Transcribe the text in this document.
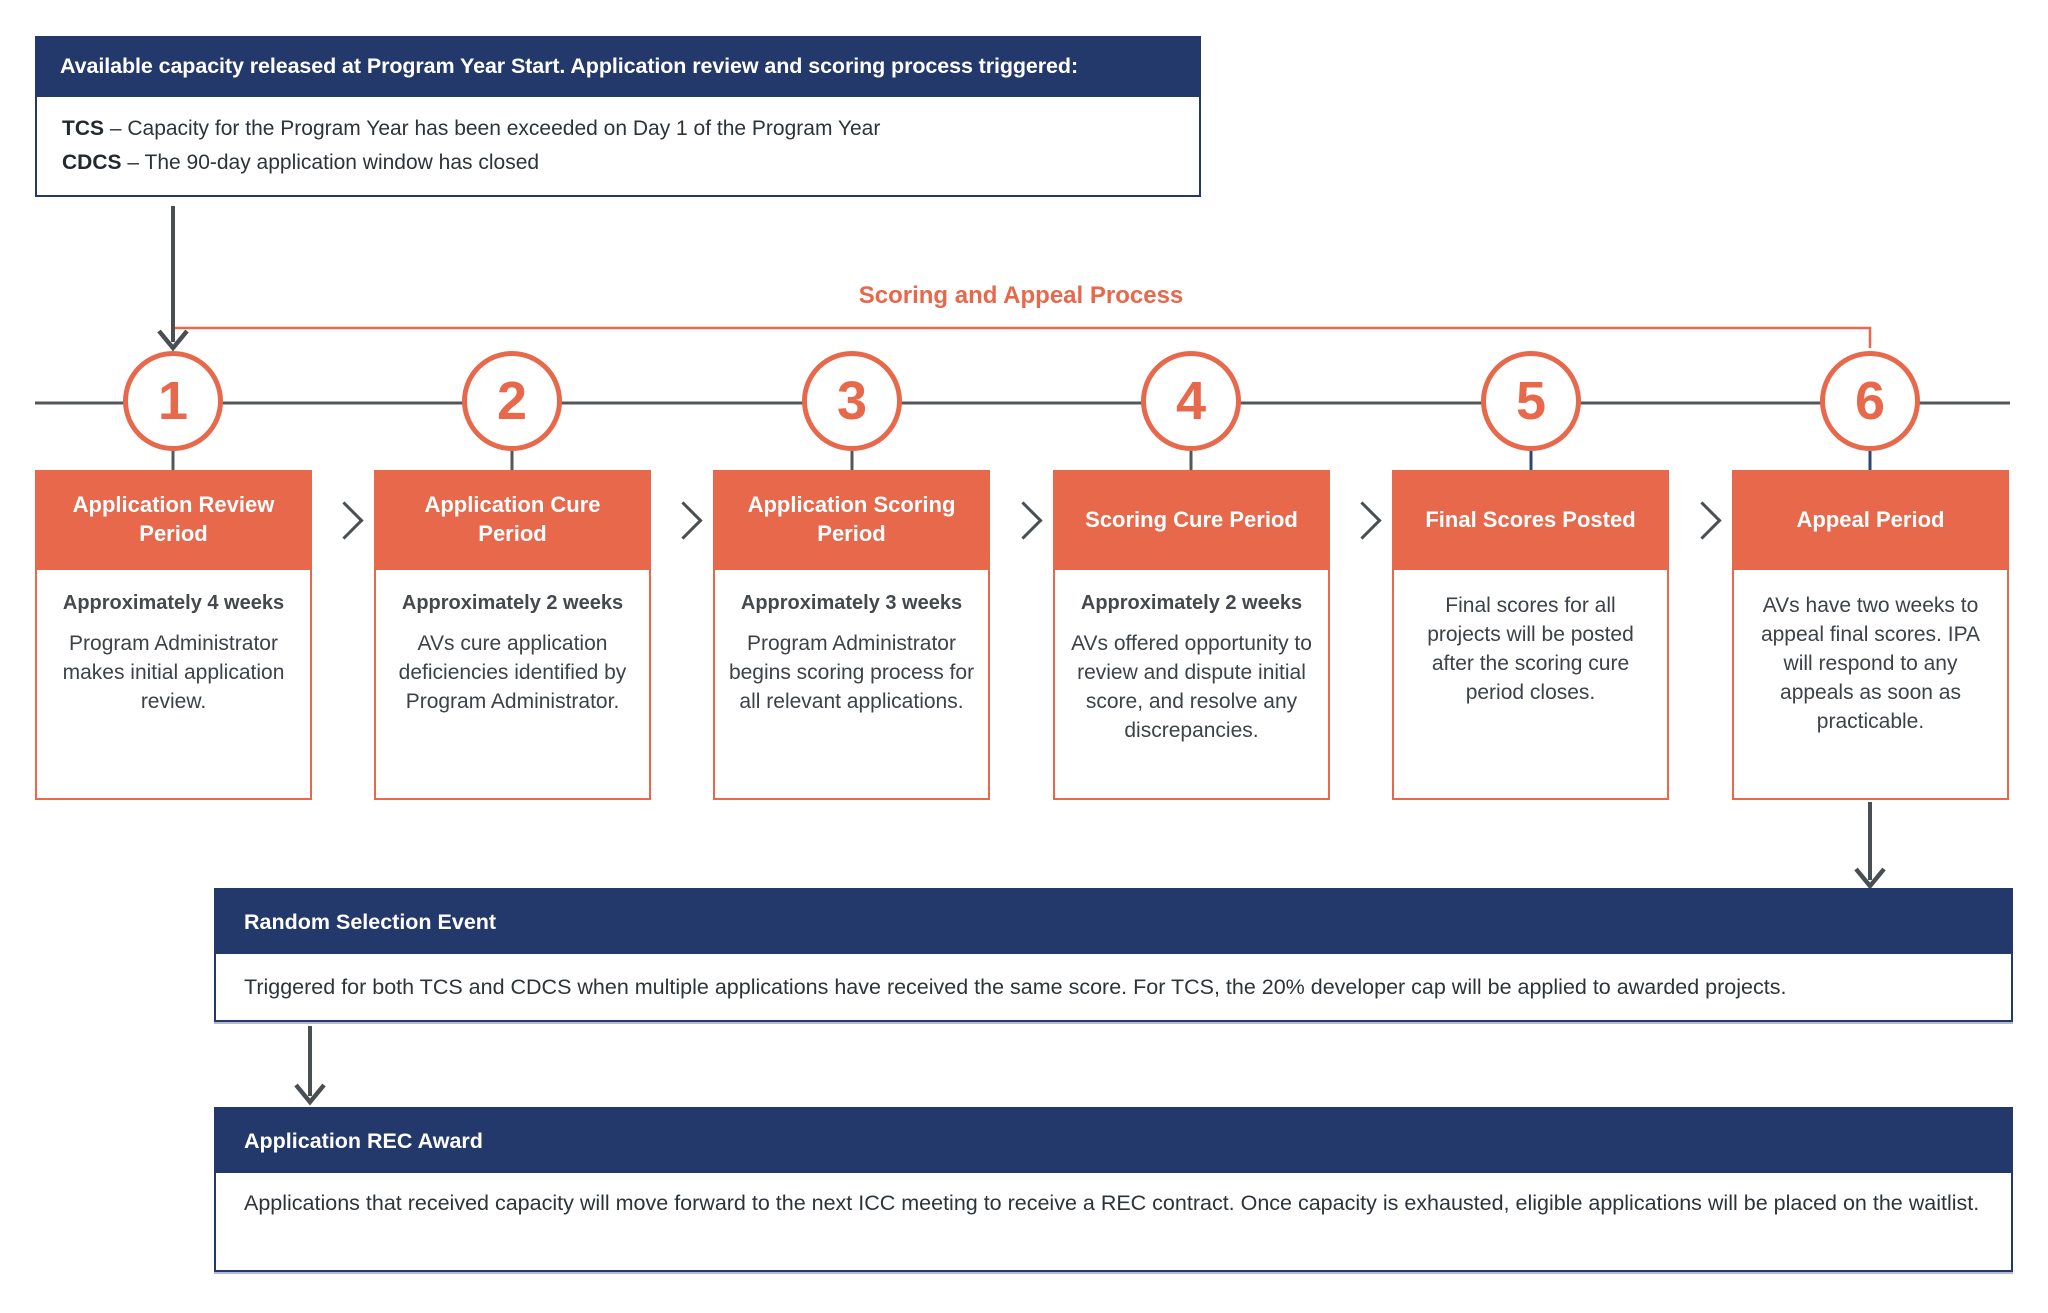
Available capacity released at Program Year Start. Application review and scoring process triggered:
TCS – Capacity for the Program Year has been exceeded on Day 1 of the Program Year
CDCS – The 90-day application window has closed
Scoring and Appeal Process
1	2	3	4	5	6
Application Review Period
Approximately 4 weeks
Program Administrator makes initial application review.
Application Cure Period
Approximately 2 weeks
AVs cure application deficiencies identified by Program Administrator.
Application Scoring Period
Approximately 3 weeks
Program Administrator begins scoring process for all relevant applications.
Scoring Cure Period
Approximately 2 weeks
AVs offered opportunity to review and dispute initial score, and resolve any discrepancies.
Final Scores Posted
Final scores for all projects will be posted after the scoring cure period closes.
Appeal Period
AVs have two weeks to appeal final scores. IPA will respond to any appeals as soon as practicable.
Random Selection Event
Triggered for both TCS and CDCS when multiple applications have received the same score. For TCS, the 20% developer cap will be applied to awarded projects.
Application REC Award
Applications that received capacity will move forward to the next ICC meeting to receive a REC contract. Once capacity is exhausted, eligible applications will be placed on the waitlist.
